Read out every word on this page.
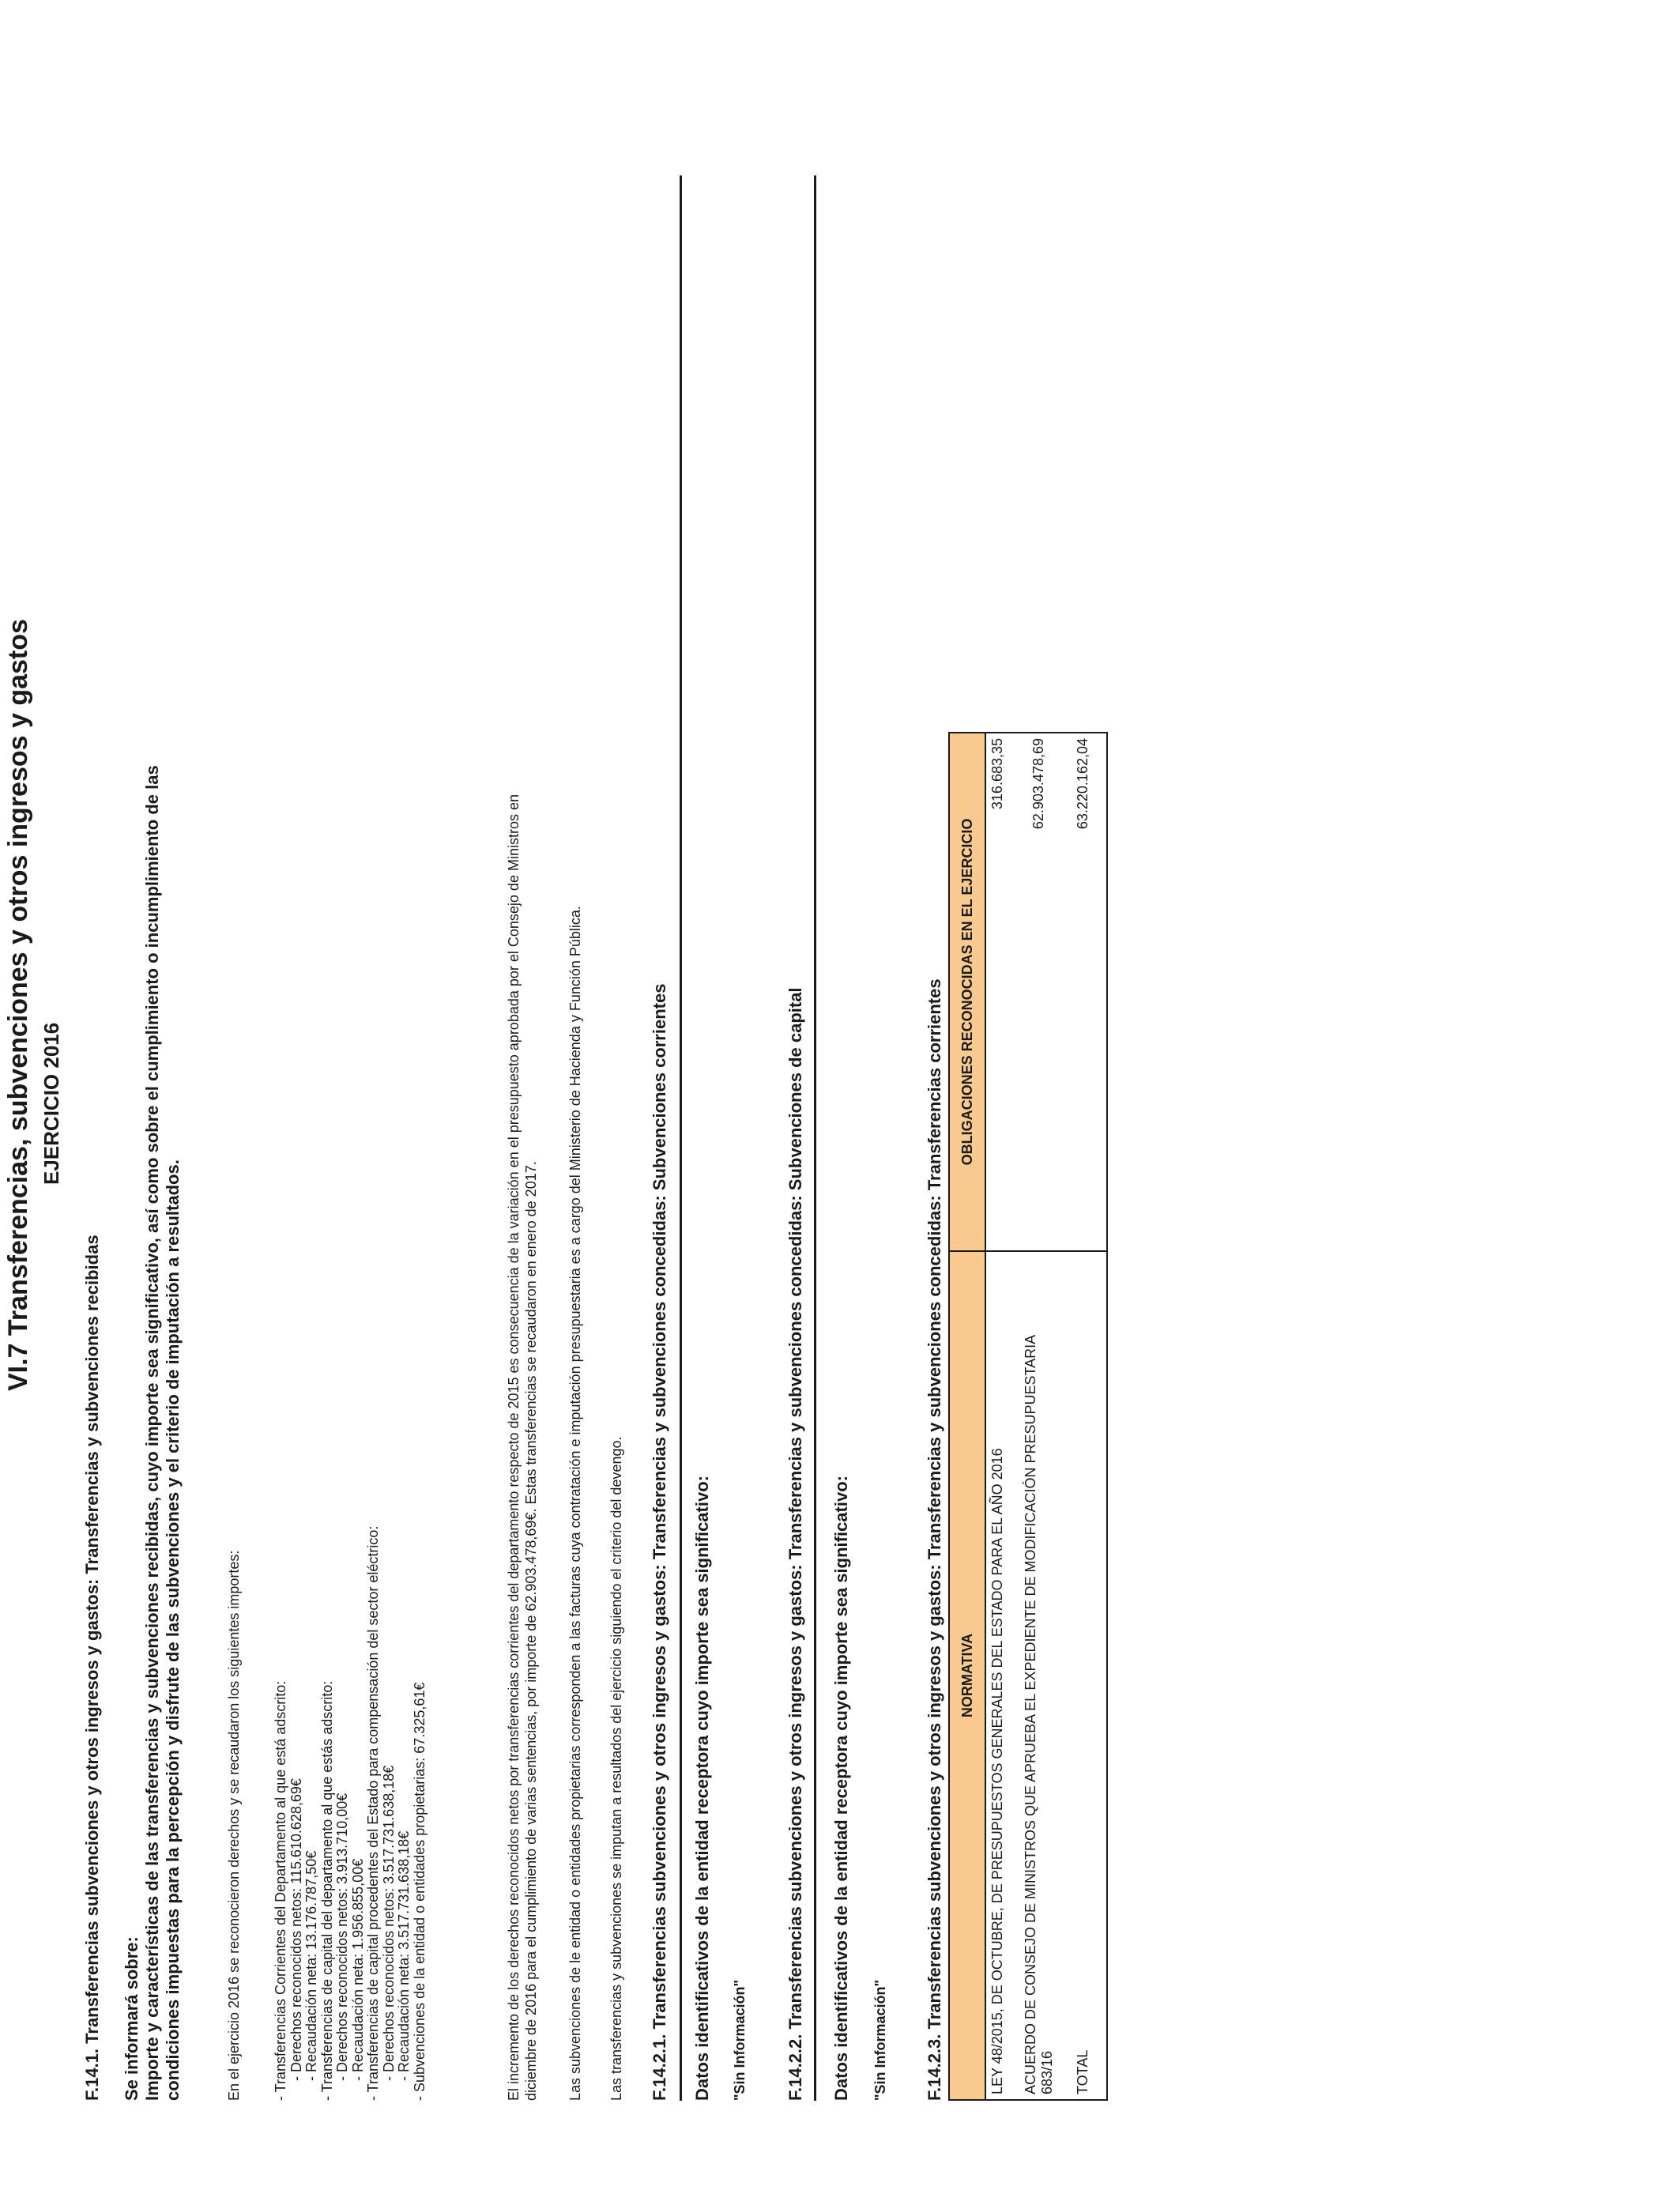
VI.7 Transferencias, subvenciones y otros ingresos y gastos EJERCICIO 2016
F.14.1. Transferencias subvenciones y otros ingresos y gastos: Transferencias y subvenciones recibidas Se informará sobre: Importe y características de las transferencias y subvenciones recibidas, cuyo importe sea significativo, así como sobre el cumplimiento o incumplimiento de las condiciones impuestas para la percepción y disfrute de las subvenciones y el criterio de imputación a resultados.	En el ejercicio 2016 se reconocieron derechos y se recaudaron los siguientes importes: - Transferencias Corrientes del Departamento al que está adscrito: - Derechos reconocidos netos: 115.610.628,69€ - Recaudación neta: 13.176.787,50€ - Transferencias de capital del departamento al que estás adscrito: - Derechos reconocidos netos: 3.913.710,00€ - Recaudación neta: 1.956.855,00€ - Transferencias de capital procedentes del Estado para compensación del sector eléctrico: - Derechos reconocidos netos: 3.517.731.638,18€ - Recaudación neta: 3.517.731.638,18€ - Subvenciones de la entidad o entidades propietarias: 67.325,61€	El incremento de los derechos reconocidos netos por transferencias corrientes del departamento respecto de 2015 es consecuencia de la variación en el presupuesto aprobada por el Consejo de Ministros en diciembre de 2016 para el cumplimiento de varias sentencias, por importe de 62.903.478,69€. Estas transferencias se recaudaron en enero de 2017. Las subvenciones de le entidad o entidades propietarias corresponden a las facturas cuya contratación e imputación presupuestaria es a cargo del Ministerio de Hacienda y Función Pública. Las transferencias y subvenciones se imputan a resultados del ejercicio siguiendo el criterio del devengo. F.14.2.1. Transferencias subvenciones y otros ingresos y gastos: Transferencias y subvenciones concedidas: Subvenciones corrientes Datos identificativos de la entidad receptora cuyo importe sea significativo: "Sin Información" F.14.2.2. Transferencias subvenciones y otros ingresos y gastos: Transferencias y subvenciones concedidas: Subvenciones de capital Datos identificativos de la entidad receptora cuyo importe sea significativo: "Sin Información" F.14.2.3. Transferencias subvenciones y otros ingresos y gastos: Transferencias y subvenciones concedidas: Transferencias corrientes NORMATIVA	OBLIGACIONES RECONOCIDAS EN EL EJERCICIO

LEY 48/2015, DE OCTUBRE, DE PRESUPUESTOS GENERALES DEL ESTADO PARA EL AÑO 2016	316.683,35

ACUERDO DE CONSEJO DE MINISTROS QUE APRUEBA EL EXPEDIENTE DE MODIFICACIÓN PRESUPUESTARIA 683/16	62.903.478,69
TOTAL	63.220.162,04
